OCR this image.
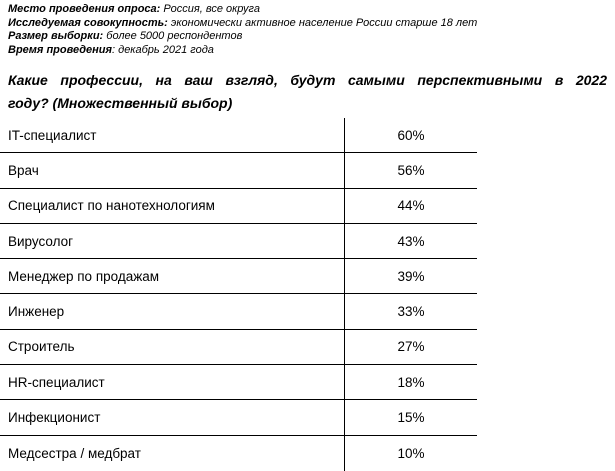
Место проведения опроса: Россия, все округа

Исследуемая совокупность: экономически активное население России старше 18 лет

Размер выборки: более 5000 респондентов

Время проведения: декабрь 2021 года

Какие профессии, на ваш взгляд, будут самыми перспективными в 2022
году? (Множественный выбор)
IT-специалист	60%
Врач	56%
Специалист по нанотехнологиям	44%
Вирусолог	43%
Менеджер по продажам	39%
Инженер	33%
Строитель	27%
HR-специалист	18%
Инфекционист	15%
Медсестра / медбрат	10%
